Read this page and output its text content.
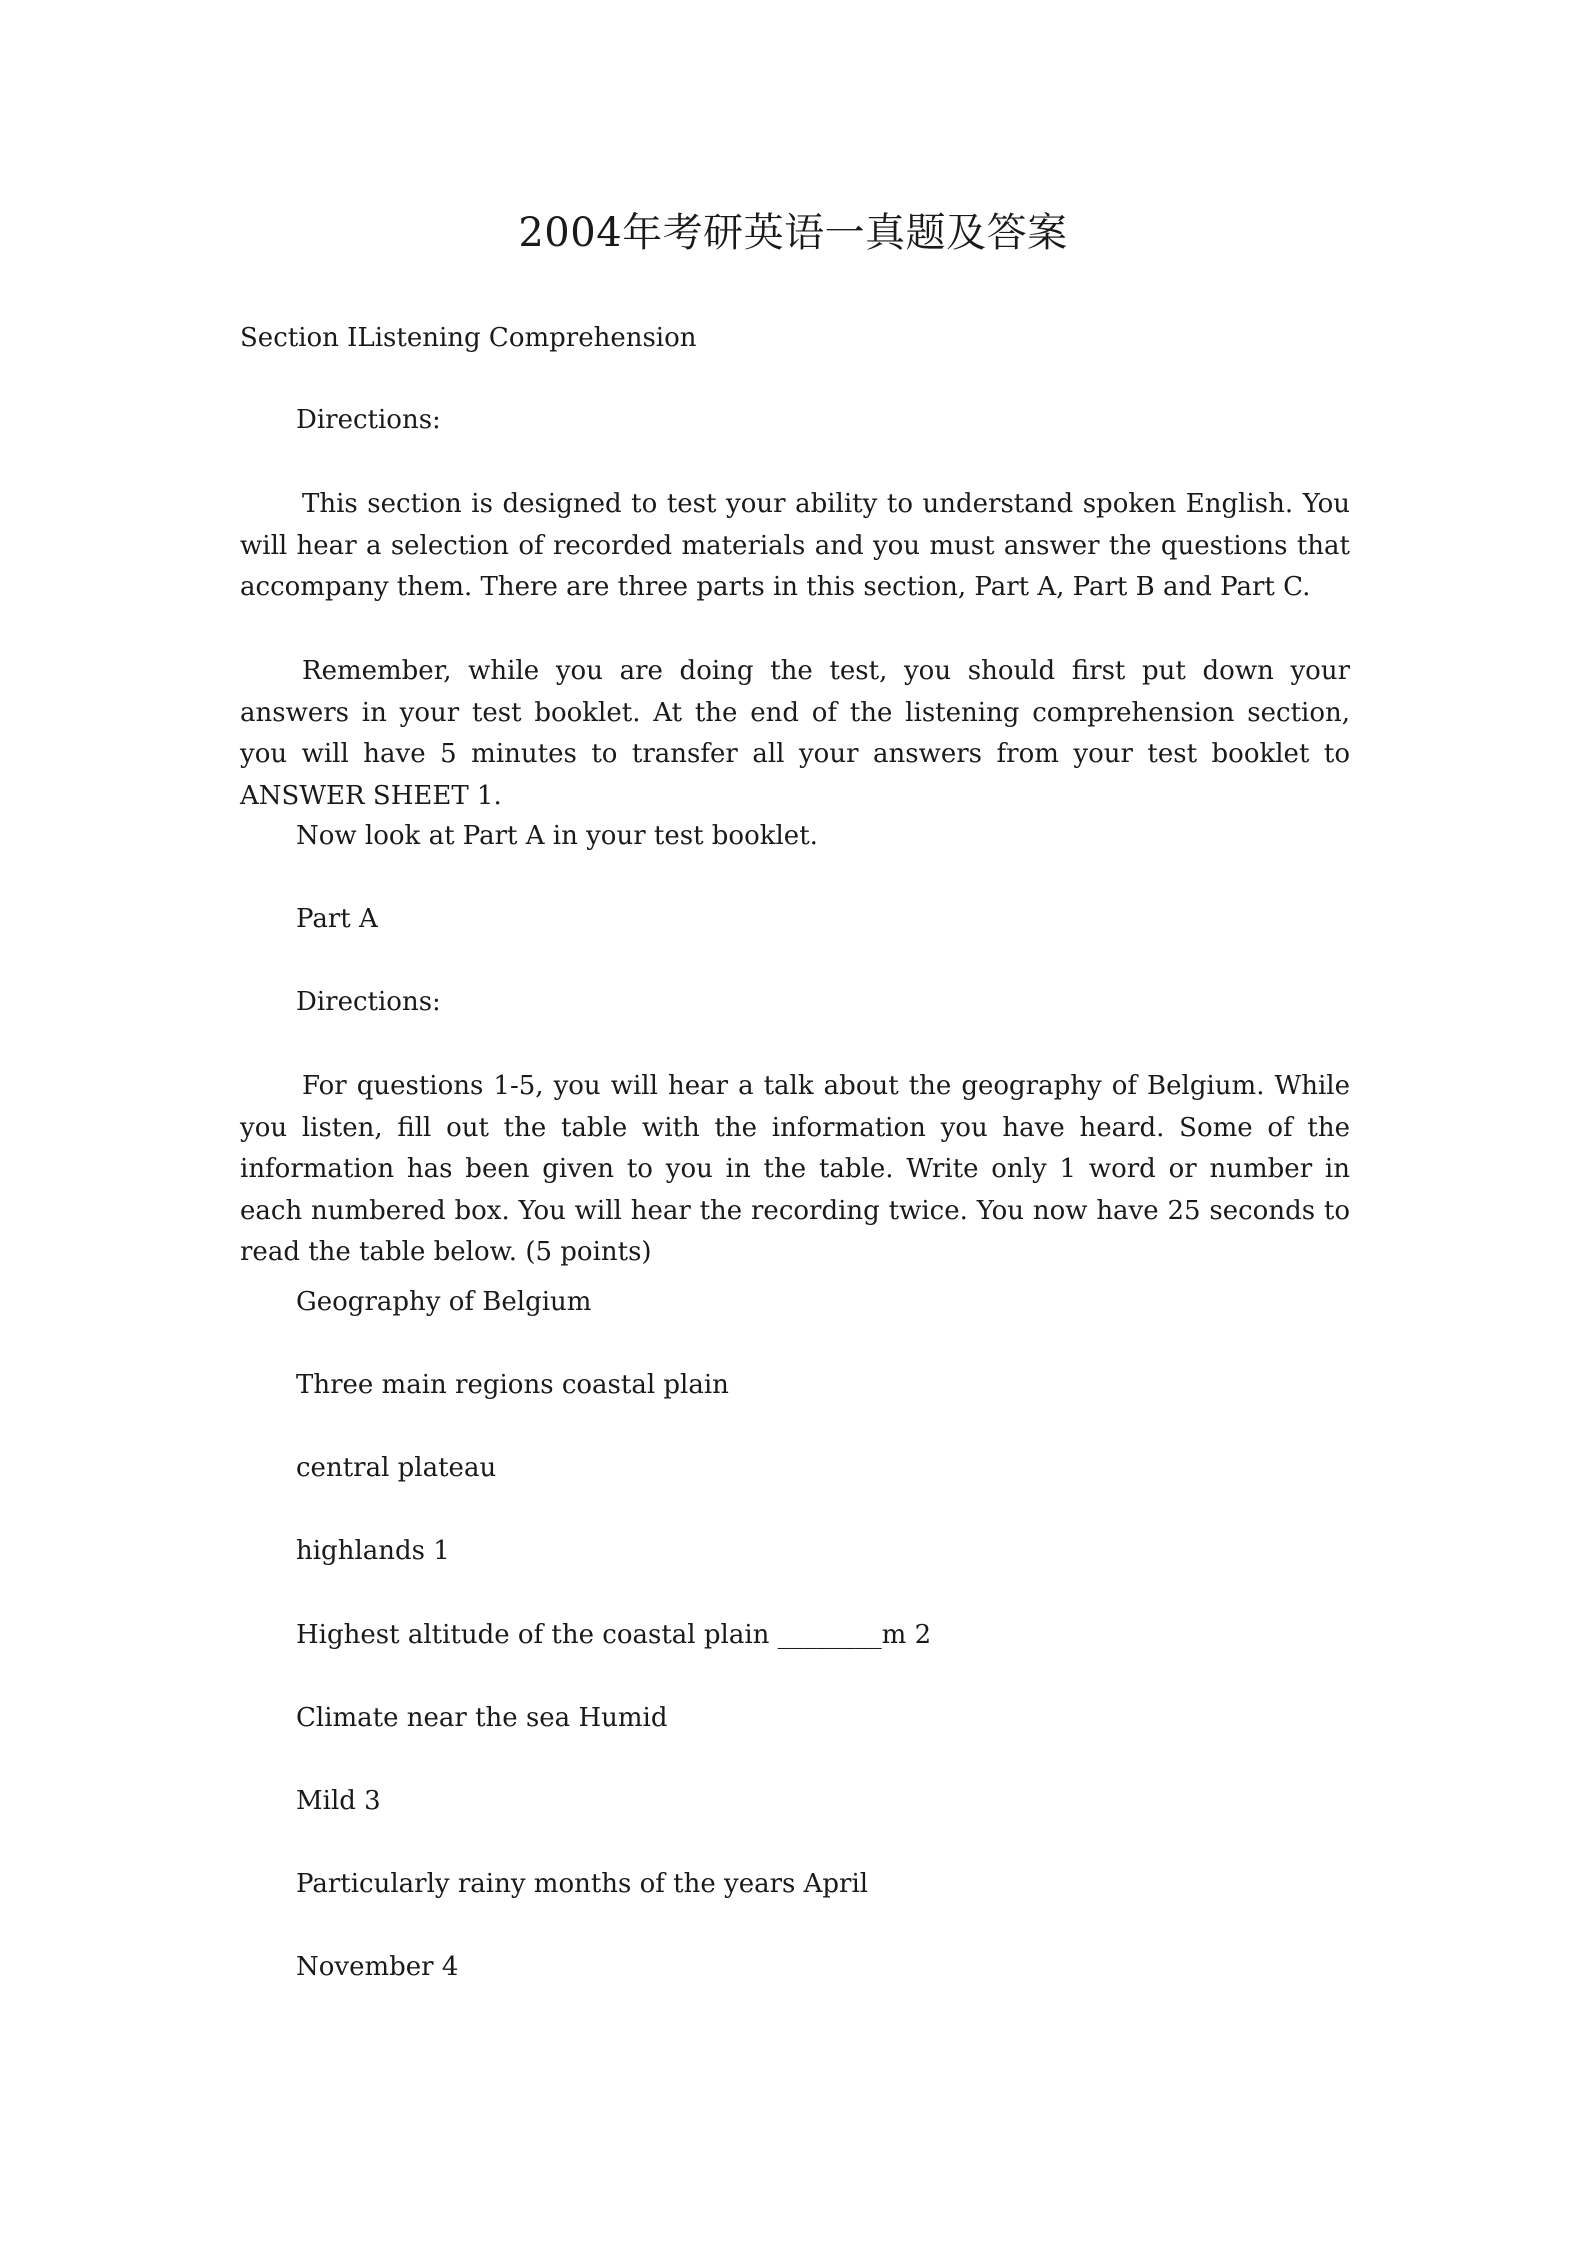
2004年考研英语一真题及答案
Section IListening Comprehension
Directions:
This section is designed to test your ability to understand spoken English. You will hear a selection of recorded materials and you must answer the questions that accompany them. There are three parts in this section, Part A, Part B and Part C.
Remember, while you are doing the test, you should first put down your answers in your test booklet. At the end of the listening comprehension section, you will have 5 minutes to transfer all your answers from your test booklet to ANSWER SHEET 1.
Now look at Part A in your test booklet.
Part A
Directions:
For questions 1-5, you will hear a talk about the geography of Belgium. While you listen, fill out the table with the information you have heard. Some of the information has been given to you in the table. Write only 1 word or number in each numbered box. You will hear the recording twice. You now have 25 seconds to read the table below. (5 points)
Geography of Belgium
Three main regions coastal plain
central plateau
highlands 1
Highest altitude of the coastal plain ________m 2
Climate near the sea Humid
Mild 3
Particularly rainy months of the years April
November 4
